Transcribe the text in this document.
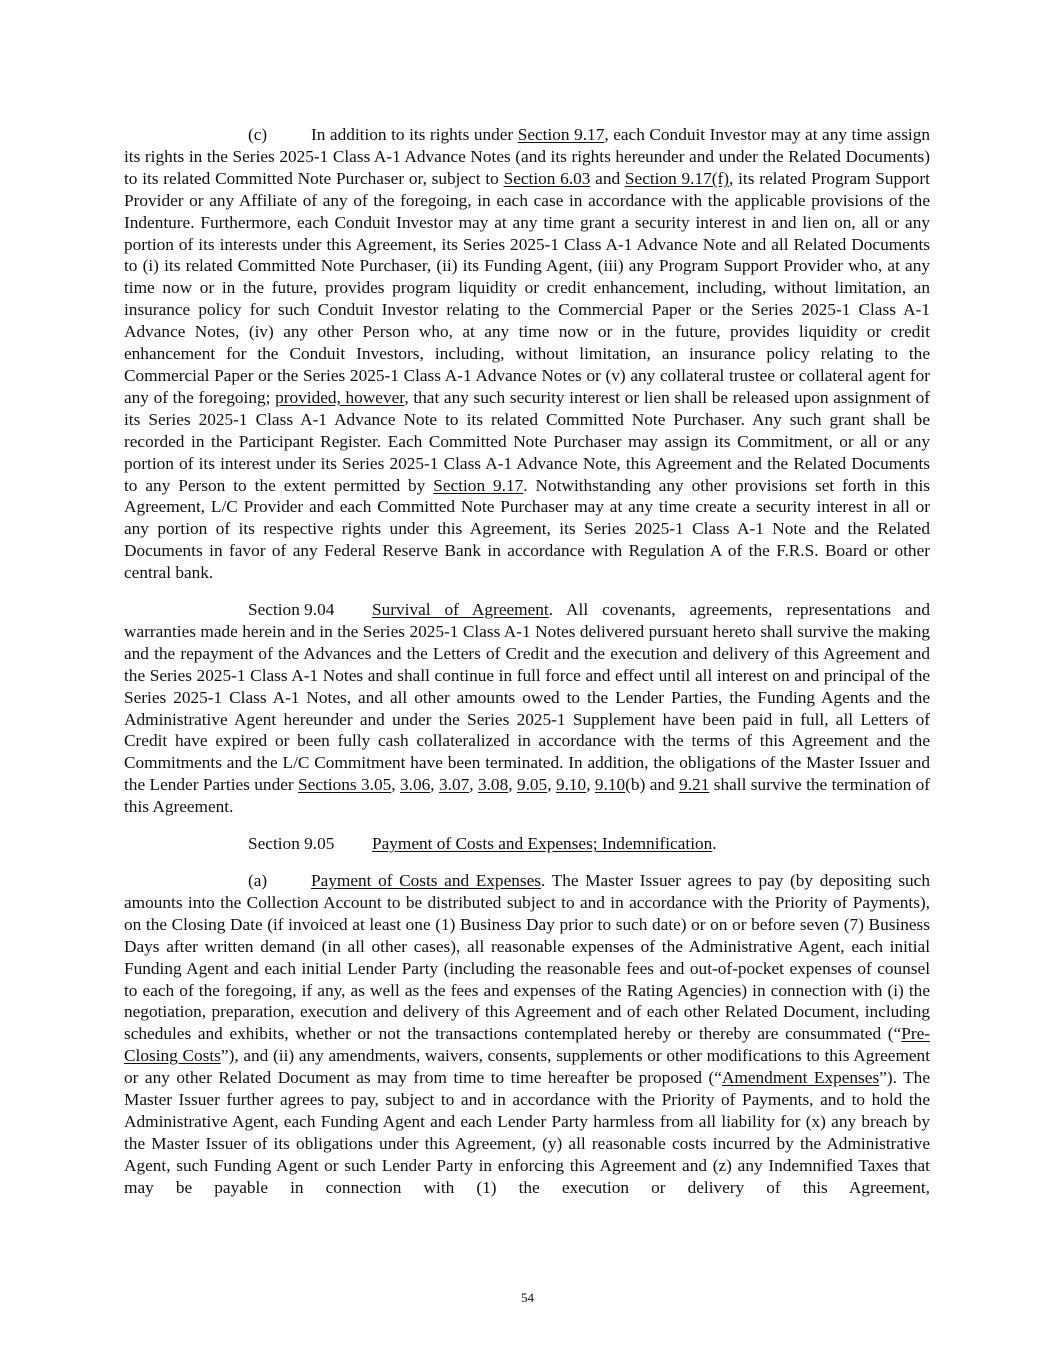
(c)	In addition to its rights under Section 9.17, each Conduit Investor may at any time assign its rights in the Series 2025-1 Class A-1 Advance Notes (and its rights hereunder and under the Related Documents) to its related Committed Note Purchaser or, subject to Section 6.03 and Section 9.17(f), its related Program Support Provider or any Affiliate of any of the foregoing, in each case in accordance with the applicable provisions of the Indenture. Furthermore, each Conduit Investor may at any time grant a security interest in and lien on, all or any portion of its interests under this Agreement, its Series 2025-1 Class A-1 Advance Note and all Related Documents to (i) its related Committed Note Purchaser, (ii) its Funding Agent, (iii) any Program Support Provider who, at any time now or in the future, provides program liquidity or credit enhancement, including, without limitation, an insurance policy for such Conduit Investor relating to the Commercial Paper or the Series 2025-1 Class A-1 Advance Notes, (iv) any other Person who, at any time now or in the future, provides liquidity or credit enhancement for the Conduit Investors, including, without limitation, an insurance policy relating to the Commercial Paper or the Series 2025-1 Class A-1 Advance Notes or (v) any collateral trustee or collateral agent for any of the foregoing; provided, however, that any such security interest or lien shall be released upon assignment of its Series 2025-1 Class A-1 Advance Note to its related Committed Note Purchaser. Any such grant shall be recorded in the Participant Register. Each Committed Note Purchaser may assign its Commitment, or all or any portion of its interest under its Series 2025-1 Class A-1 Advance Note, this Agreement and the Related Documents to any Person to the extent permitted by Section 9.17. Notwithstanding any other provisions set forth in this Agreement, L/C Provider and each Committed Note Purchaser may at any time create a security interest in all or any portion of its respective rights under this Agreement, its Series 2025-1 Class A-1 Note and the Related Documents in favor of any Federal Reserve Bank in accordance with Regulation A of the F.R.S. Board or other central bank.

Section 9.04 Survival of Agreement. All covenants, agreements, representations and warranties made herein and in the Series 2025-1 Class A-1 Notes delivered pursuant hereto shall survive the making and the repayment of the Advances and the Letters of Credit and the execution and delivery of this Agreement and the Series 2025-1 Class A-1 Notes and shall continue in full force and effect until all interest on and principal of the Series 2025-1 Class A-1 Notes, and all other amounts owed to the Lender Parties, the Funding Agents and the Administrative Agent hereunder and under the Series 2025-1 Supplement have been paid in full, all Letters of Credit have expired or been fully cash collateralized in accordance with the terms of this Agreement and the Commitments and the L/C Commitment have been terminated. In addition, the obligations of the Master Issuer and the Lender Parties under Sections 3.05, 3.06, 3.07, 3.08, 9.05, 9.10, 9.10(b) and 9.21 shall survive the termination of this Agreement.

Section 9.05 Payment of Costs and Expenses; Indemnification.

(a)	Payment of Costs and Expenses. The Master Issuer agrees to pay (by depositing such amounts into the Collection Account to be distributed subject to and in accordance with the Priority of Payments), on the Closing Date (if invoiced at least one (1) Business Day prior to such date) or on or before seven (7) Business Days after written demand (in all other cases), all reasonable expenses of the Administrative Agent, each initial Funding Agent and each initial Lender Party (including the reasonable fees and out-of-pocket expenses of counsel to each of the foregoing, if any, as well as the fees and expenses of the Rating Agencies) in connection with (i) the negotiation, preparation, execution and delivery of this Agreement and of each other Related Document, including schedules and exhibits, whether or not the transactions contemplated hereby or thereby are consummated (“Pre-Closing Costs”), and (ii) any amendments, waivers, consents, supplements or other modifications to this Agreement or any other Related Document as may from time to time hereafter be proposed (“Amendment Expenses”). The Master Issuer further agrees to pay, subject to and in accordance with the Priority of Payments, and to hold the Administrative Agent, each Funding Agent and each Lender Party harmless from all liability for (x) any breach by the Master Issuer of its obligations under this Agreement, (y) all reasonable costs incurred by the Administrative Agent, such Funding Agent or such Lender Party in enforcing this Agreement and (z) any Indemnified Taxes that may be payable in connection with (1) the execution or delivery of this Agreement,

54
